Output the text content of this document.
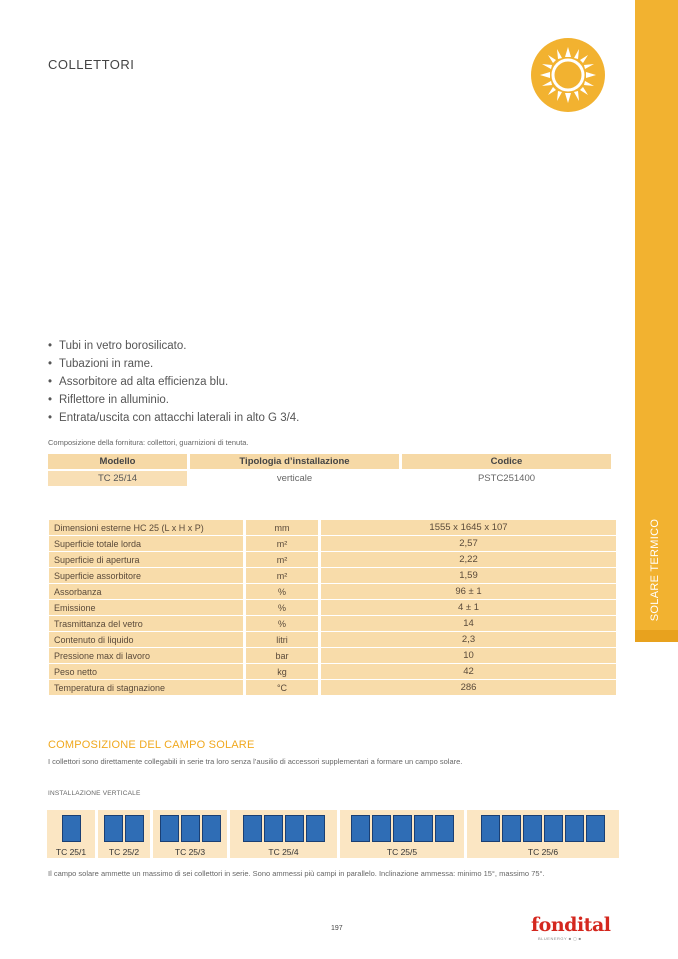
SOLARE TERMICO
COLLETTORI
• Tubi in vetro borosilicato.
• Tubazioni in rame.
• Assorbitore ad alta efficienza blu.
• Riflettore in alluminio.
• Entrata/uscita con attacchi laterali in alto G 3/4.
Composizione della fornitura: collettori, guarnizioni di tenuta.
Modello	Tipologia d’installazione	Codice
TC 25/14	verticale	PSTC251400
Dimensioni esterne HC 25 (L x H x P)	mm	1555 x 1645 x 107
Superficie totale lorda	m²	2,57
Superficie di apertura	m²	2,22
Superficie assorbitore	m²	1,59
Assorbanza	%	96 ± 1
Emissione	%	4 ± 1
Trasmittanza del vetro	%	14
Contenuto di liquido	litri	2,3
Pressione max di lavoro	bar	10
Peso netto	kg	42
Temperatura di stagnazione	°C	286
COMPOSIZIONE DEL CAMPO SOLARE
I collettori sono direttamente collegabili in serie tra loro senza l’ausilio di accessori supplementari a formare un campo solare.
INSTALLAZIONE VERTICALE
TC 25/1	TC 25/2	TC 25/3	TC 25/4	TC 25/5	TC 25/6
Il campo solare ammette un massimo di sei collettori in serie. Sono ammessi più campi in parallelo. Inclinazione ammessa: minimo 15°, massimo 75°.
197	fondital
BLUENERGY ■ ◻ ■
